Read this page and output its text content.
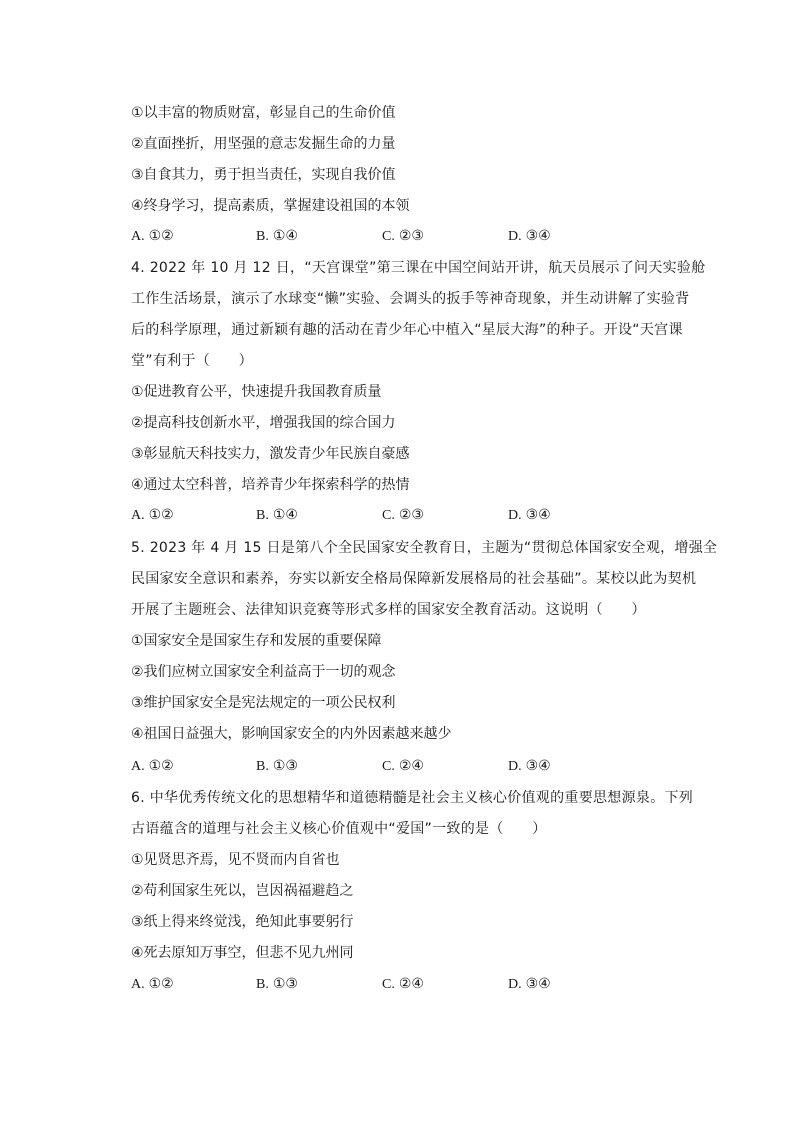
①以丰富的物质财富，彰显自己的生命价值
②直面挫折，用坚强的意志发掘生命的力量
③自食其力，勇于担当责任，实现自我价值
④终身学习，提高素质，掌握建设祖国的本领
A. ①②	B. ①④	C. ②③	D. ③④
4. 2022 年 10 月 12 日，“天宫课堂”第三课在中国空间站开讲，航天员展示了问天实验舱
工作生活场景，演示了水球变“懒”实验、会调头的扳手等神奇现象，并生动讲解了实验背
后的科学原理，通过新颖有趣的活动在青少年心中植入“星辰大海”的种子。开设“天宫课
堂”有利于（　　）
①促进教育公平，快速提升我国教育质量
②提高科技创新水平，增强我国的综合国力
③彰显航天科技实力，激发青少年民族自豪感
④通过太空科普，培养青少年探索科学的热情
A. ①②	B. ①④	C. ②③	D. ③④
5. 2023 年 4 月 15 日是第八个全民国家安全教育日，主题为“贯彻总体国家安全观，增强全
民国家安全意识和素养，夯实以新安全格局保障新发展格局的社会基础”。某校以此为契机
开展了主题班会、法律知识竞赛等形式多样的国家安全教育活动。这说明（　　）
①国家安全是国家生存和发展的重要保障
②我们应树立国家安全利益高于一切的观念
③维护国家安全是宪法规定的一项公民权利
④祖国日益强大，影响国家安全的内外因素越来越少
A. ①②	B. ①③	C. ②④	D. ③④
6. 中华优秀传统文化的思想精华和道德精髓是社会主义核心价值观的重要思想源泉。下列
古语蕴含的道理与社会主义核心价值观中“爱国”一致的是（　　）
①见贤思齐焉，见不贤而内自省也
②苟利国家生死以，岂因祸福避趋之
③纸上得来终觉浅，绝知此事要躬行
④死去原知万事空，但悲不见九州同
A. ①②	B. ①③	C. ②④	D. ③④
